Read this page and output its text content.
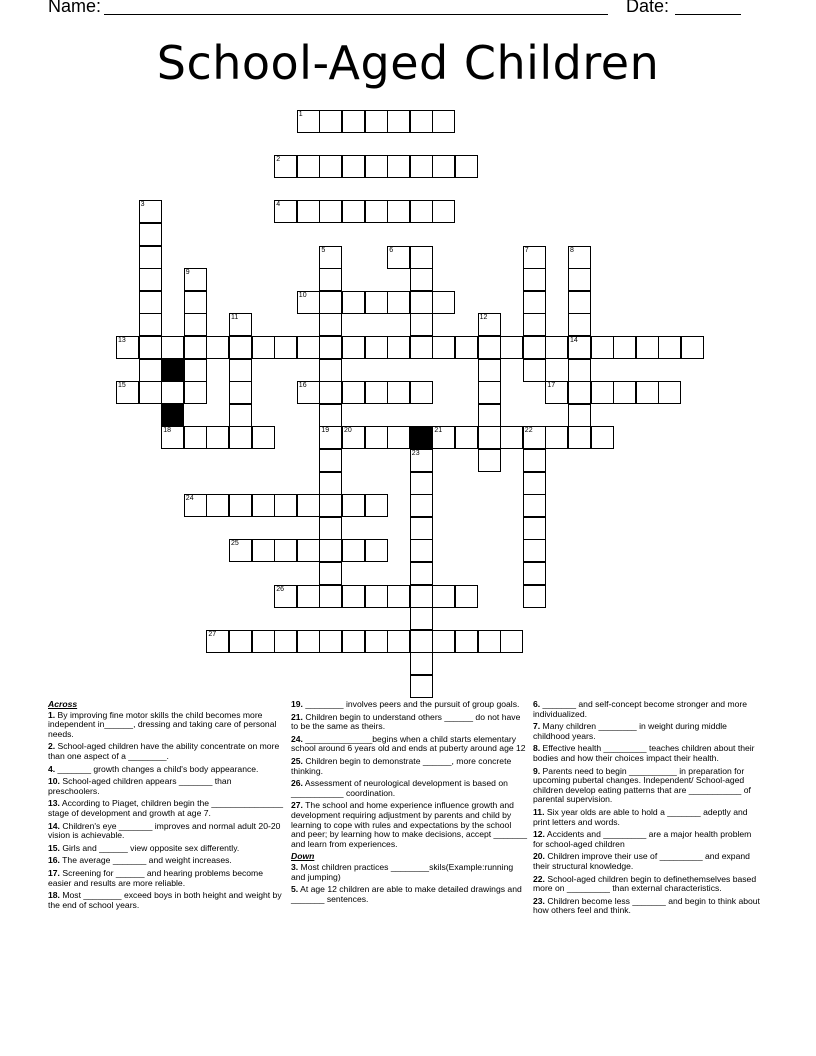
Name:	Date:
School-Aged Children
1
2
3	4
5	6	7	8
9
10
11	12
13	14
15	16	17
18	19 20	21	22
23
24
25
26
27
Across
1. By improving fine motor skills the child becomes more independent in______, dressing and taking care of personal needs.
2. School-aged children have the ability concentrate on more than one aspect of a ________.
4. _______ growth changes a child's body appearance.
10. School-aged children appears _______ than preschoolers.
13. According to Piaget, children begin the _______________ stage of development and growth at age 7.
14. Children's eye _______ improves and normal adult 20-20 vision is achievable.
15. Girls and ______ view opposite sex differently.
16. The average _______ and weight increases.
17. Screening for ______ and hearing problems become easier and results are more reliable.
18. Most ________ exceed boys in both height and weight by the end of school years.
19. ________ involves peers and the pursuit of group goals.
21. Children begin to understand others ______ do not have to be the same as theirs.
24. ______________begins when a child starts elementary school around 6 years old and ends at puberty around age 12
25. Children begin to demonstrate ______, more concrete thinking.
26. Assessment of neurological development is based on ___________ coordination.
27. The school and home experience influence growth and development requiring adjustment by parents and child by learning to cope with rules and expectations by the school and peer; by learning how to make decisions, accept _______ and learn from experiences.
Down
3. Most children practices ________skils(Example:running and jumping)
5. At age 12 children are able to make detailed drawings and _______ sentences.
6. _______ and self-concept become stronger and more individualized.
7. Many children ________ in weight during middle childhood years.
8. Effective health _________ teaches children about their bodies and how their choices impact their health.
9. Parents need to begin __________ in preparation for upcoming pubertal changes. Independent/ School-aged children develop eating patterns that are ___________ of parental supervision.
11. Six year olds are able to hold a _______ adeptly and print letters and words.
12. Accidents and _________ are a major health problem for school-aged children
20. Children improve their use of _________ and expand their structural knowledge.
22. School-aged children begin to definethemselves based more on _________ than external characteristics.
23. Children become less _______ and begin to think about how others feel and think.
